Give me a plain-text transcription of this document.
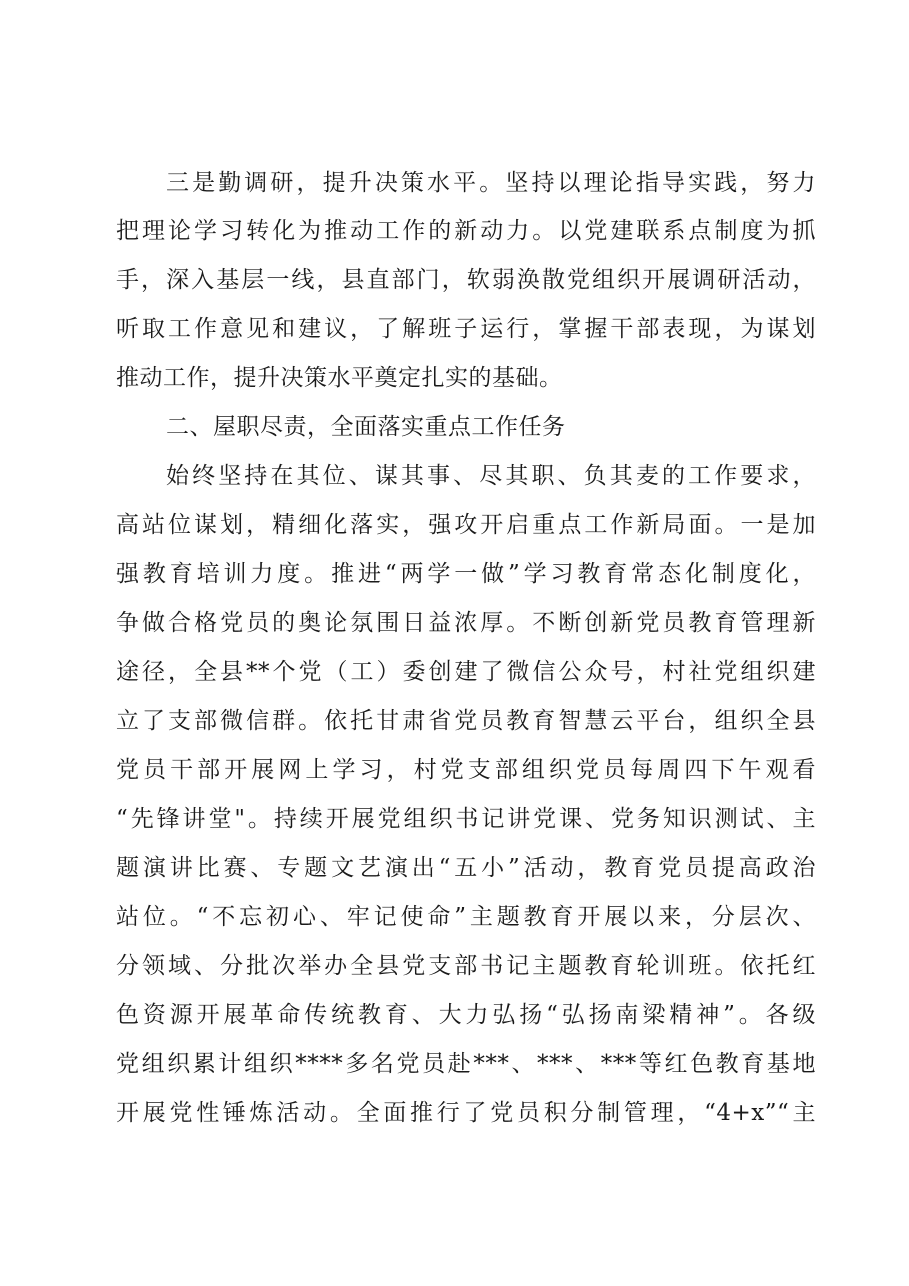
三是勤调研，提升决策水平。坚持以理论指导实践，努力
把理论学习转化为推动工作的新动力。以党建联系点制度为抓
手，深入基层一线，县直部门，软弱涣散党组织开展调研活动，
听取工作意见和建议，了解班子运行，掌握干部表现，为谋划
推动工作，提升决策水平奠定扎实的基础。
二、屋职尽责，全面落实重点工作任务
始终坚持在其位、谋其事、尽其职、负其麦的工作要求，
高站位谋划，精细化落实，强攻开启重点工作新局面。一是加
强教育培训力度。推进“两学一做”学习教育常态化制度化，
争做合格党员的奥论氛围日益浓厚。不断创新党员教育管理新
途径，全县**个党（工）委创建了微信公众号，村社党组织建
立了支部微信群。依托甘肃省党员教育智慧云平台，组织全县
党员干部开展网上学习，村党支部组织党员每周四下午观看
“先锋讲堂"。持续开展党组织书记讲党课、党务知识测试、主
题演讲比赛、专题文艺演出“五小”活动，教育党员提高政治
站位。“不忘初心、牢记使命”主题教育开展以来，分层次、
分领域、分批次举办全县党支部书记主题教育轮训班。依托红
色资源开展革命传统教育、大力弘扬“弘扬南梁精神”。各级
党组织累计组织****多名党员赴***、***、***等红色教育基地
开展党性锤炼活动。全面推行了党员积分制管理，“4+x”“主
